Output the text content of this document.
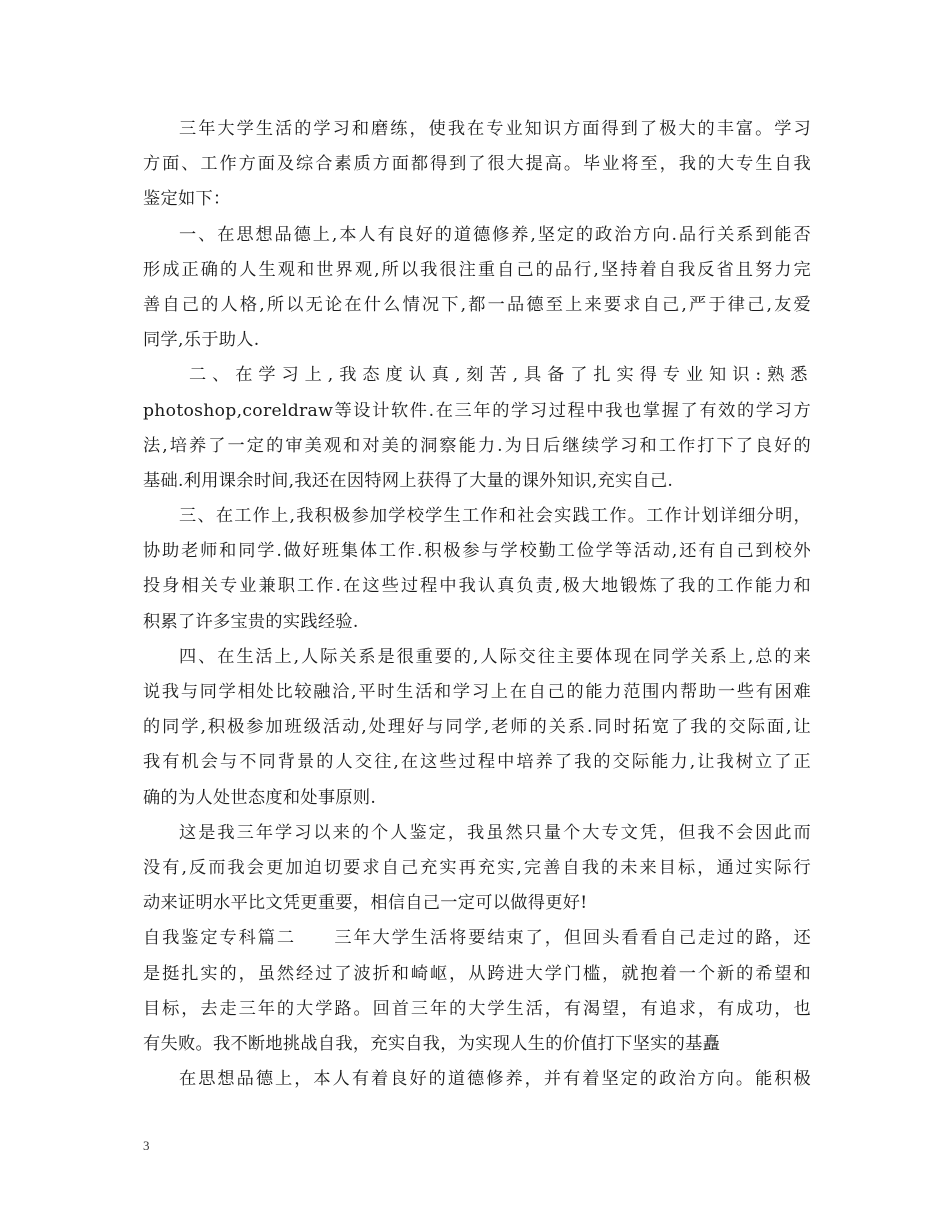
三年大学生活的学习和磨练，使我在专业知识方面得到了极大的丰富。学习
方面、工作方面及综合素质方面都得到了很大提高。毕业将至，我的大专生自我
鉴定如下：
一、在思想品德上,本人有良好的道德修养,坚定的政治方向.品行关系到能否
形成正确的人生观和世界观,所以我很注重自己的品行,坚持着自我反省且努力完
善自己的人格,所以无论在什么情况下,都一品德至上来要求自己,严于律己,友爱
同学,乐于助人.
二、在学习上,我态度认真,刻苦,具备了扎实得专业知识:熟悉
photoshop,coreldraw等设计软件.在三年的学习过程中我也掌握了有效的学习方
法,培养了一定的审美观和对美的洞察能力.为日后继续学习和工作打下了良好的
基础.利用课余时间,我还在因特网上获得了大量的课外知识,充实自己.
三、在工作上,我积极参加学校学生工作和社会实践工作。工作计划详细分明，
协助老师和同学.做好班集体工作.积极参与学校勤工俭学等活动,还有自己到校外
投身相关专业兼职工作.在这些过程中我认真负责,极大地锻炼了我的工作能力和
积累了许多宝贵的实践经验.
四、在生活上,人际关系是很重要的,人际交往主要体现在同学关系上,总的来
说我与同学相处比较融洽,平时生活和学习上在自己的能力范围内帮助一些有困难
的同学,积极参加班级活动,处理好与同学,老师的关系.同时拓宽了我的交际面,让
我有机会与不同背景的人交往,在这些过程中培养了我的交际能力,让我树立了正
确的为人处世态度和处事原则.
这是我三年学习以来的个人鉴定，我虽然只量个大专文凭，但我不会因此而
没有,反而我会更加迫切要求自己充实再充实,完善自我的未来目标，通过实际行
动来证明水平比文凭更重要，相信自己一定可以做得更好!
自我鉴定专科篇二　　三年大学生活将要结束了，但回头看看自己走过的路，还
是挺扎实的，虽然经过了波折和崎岖，从跨进大学门槛，就抱着一个新的希望和
目标，去走三年的大学路。回首三年的大学生活，有渴望，有追求，有成功，也
有失败。我不断地挑战自我，充实自我，为实现人生的价值打下坚实的基矗
在思想品德上，本人有着良好的道德修养，并有着坚定的政治方向。能积极
3
